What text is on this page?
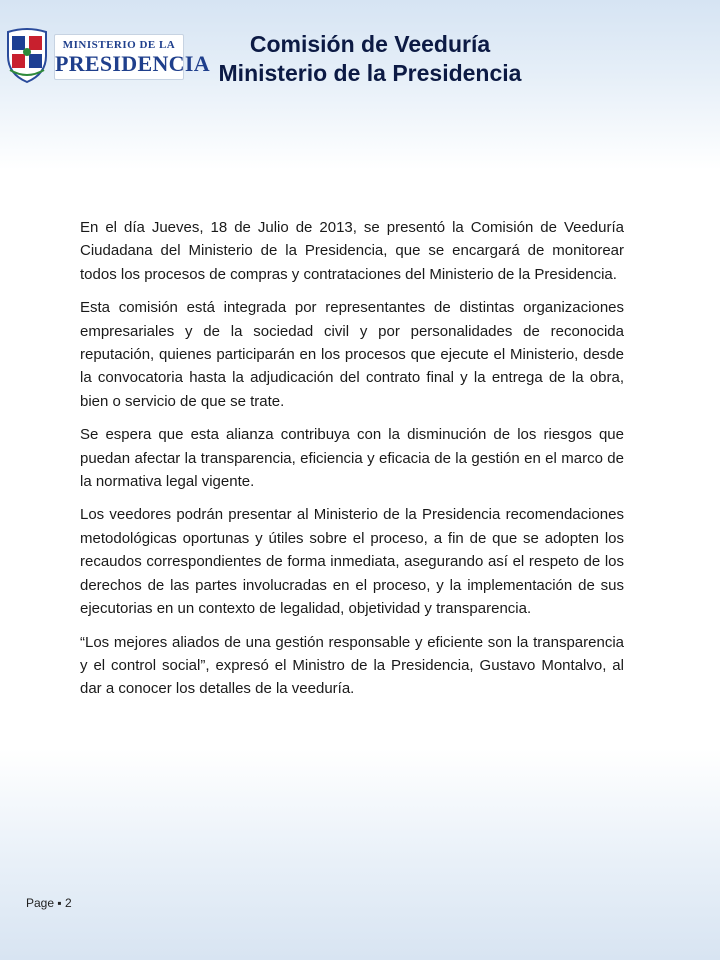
MINISTERIO DE LA
PRESIDENCIA
Comisión de Veeduría
Ministerio de la Presidencia

En el día Jueves, 18 de Julio de 2013, se presentó la Comisión de Veeduría Ciudadana del Ministerio de la Presidencia, que se encargará de monitorear todos los procesos de compras y contrataciones del Ministerio de la Presidencia.

Esta comisión está integrada por representantes de distintas organizaciones empresariales y de la sociedad civil y por personalidades de reconocida reputación, quienes participarán en los procesos que ejecute el Ministerio, desde la convocatoria hasta la adjudicación del contrato final y la entrega de la obra, bien o servicio de que se trate.

Se espera que esta alianza contribuya con la disminución de los riesgos que puedan afectar la transparencia, eficiencia y eficacia de la gestión en el marco de la normativa legal vigente.

Los veedores podrán presentar al Ministerio de la Presidencia recomendaciones metodológicas oportunas y útiles sobre el proceso, a fin de que se adopten los recaudos correspondientes de forma inmediata, asegurando así el respeto de los derechos de las partes involucradas en el proceso, y la implementación de sus ejecutorias en un contexto de legalidad, objetividad y transparencia.

“Los mejores aliados de una gestión responsable y eficiente son la transparencia y el control social”, expresó el Ministro de la Presidencia, Gustavo Montalvo, al dar a conocer los detalles de la veeduría.

Page ▪ 2
